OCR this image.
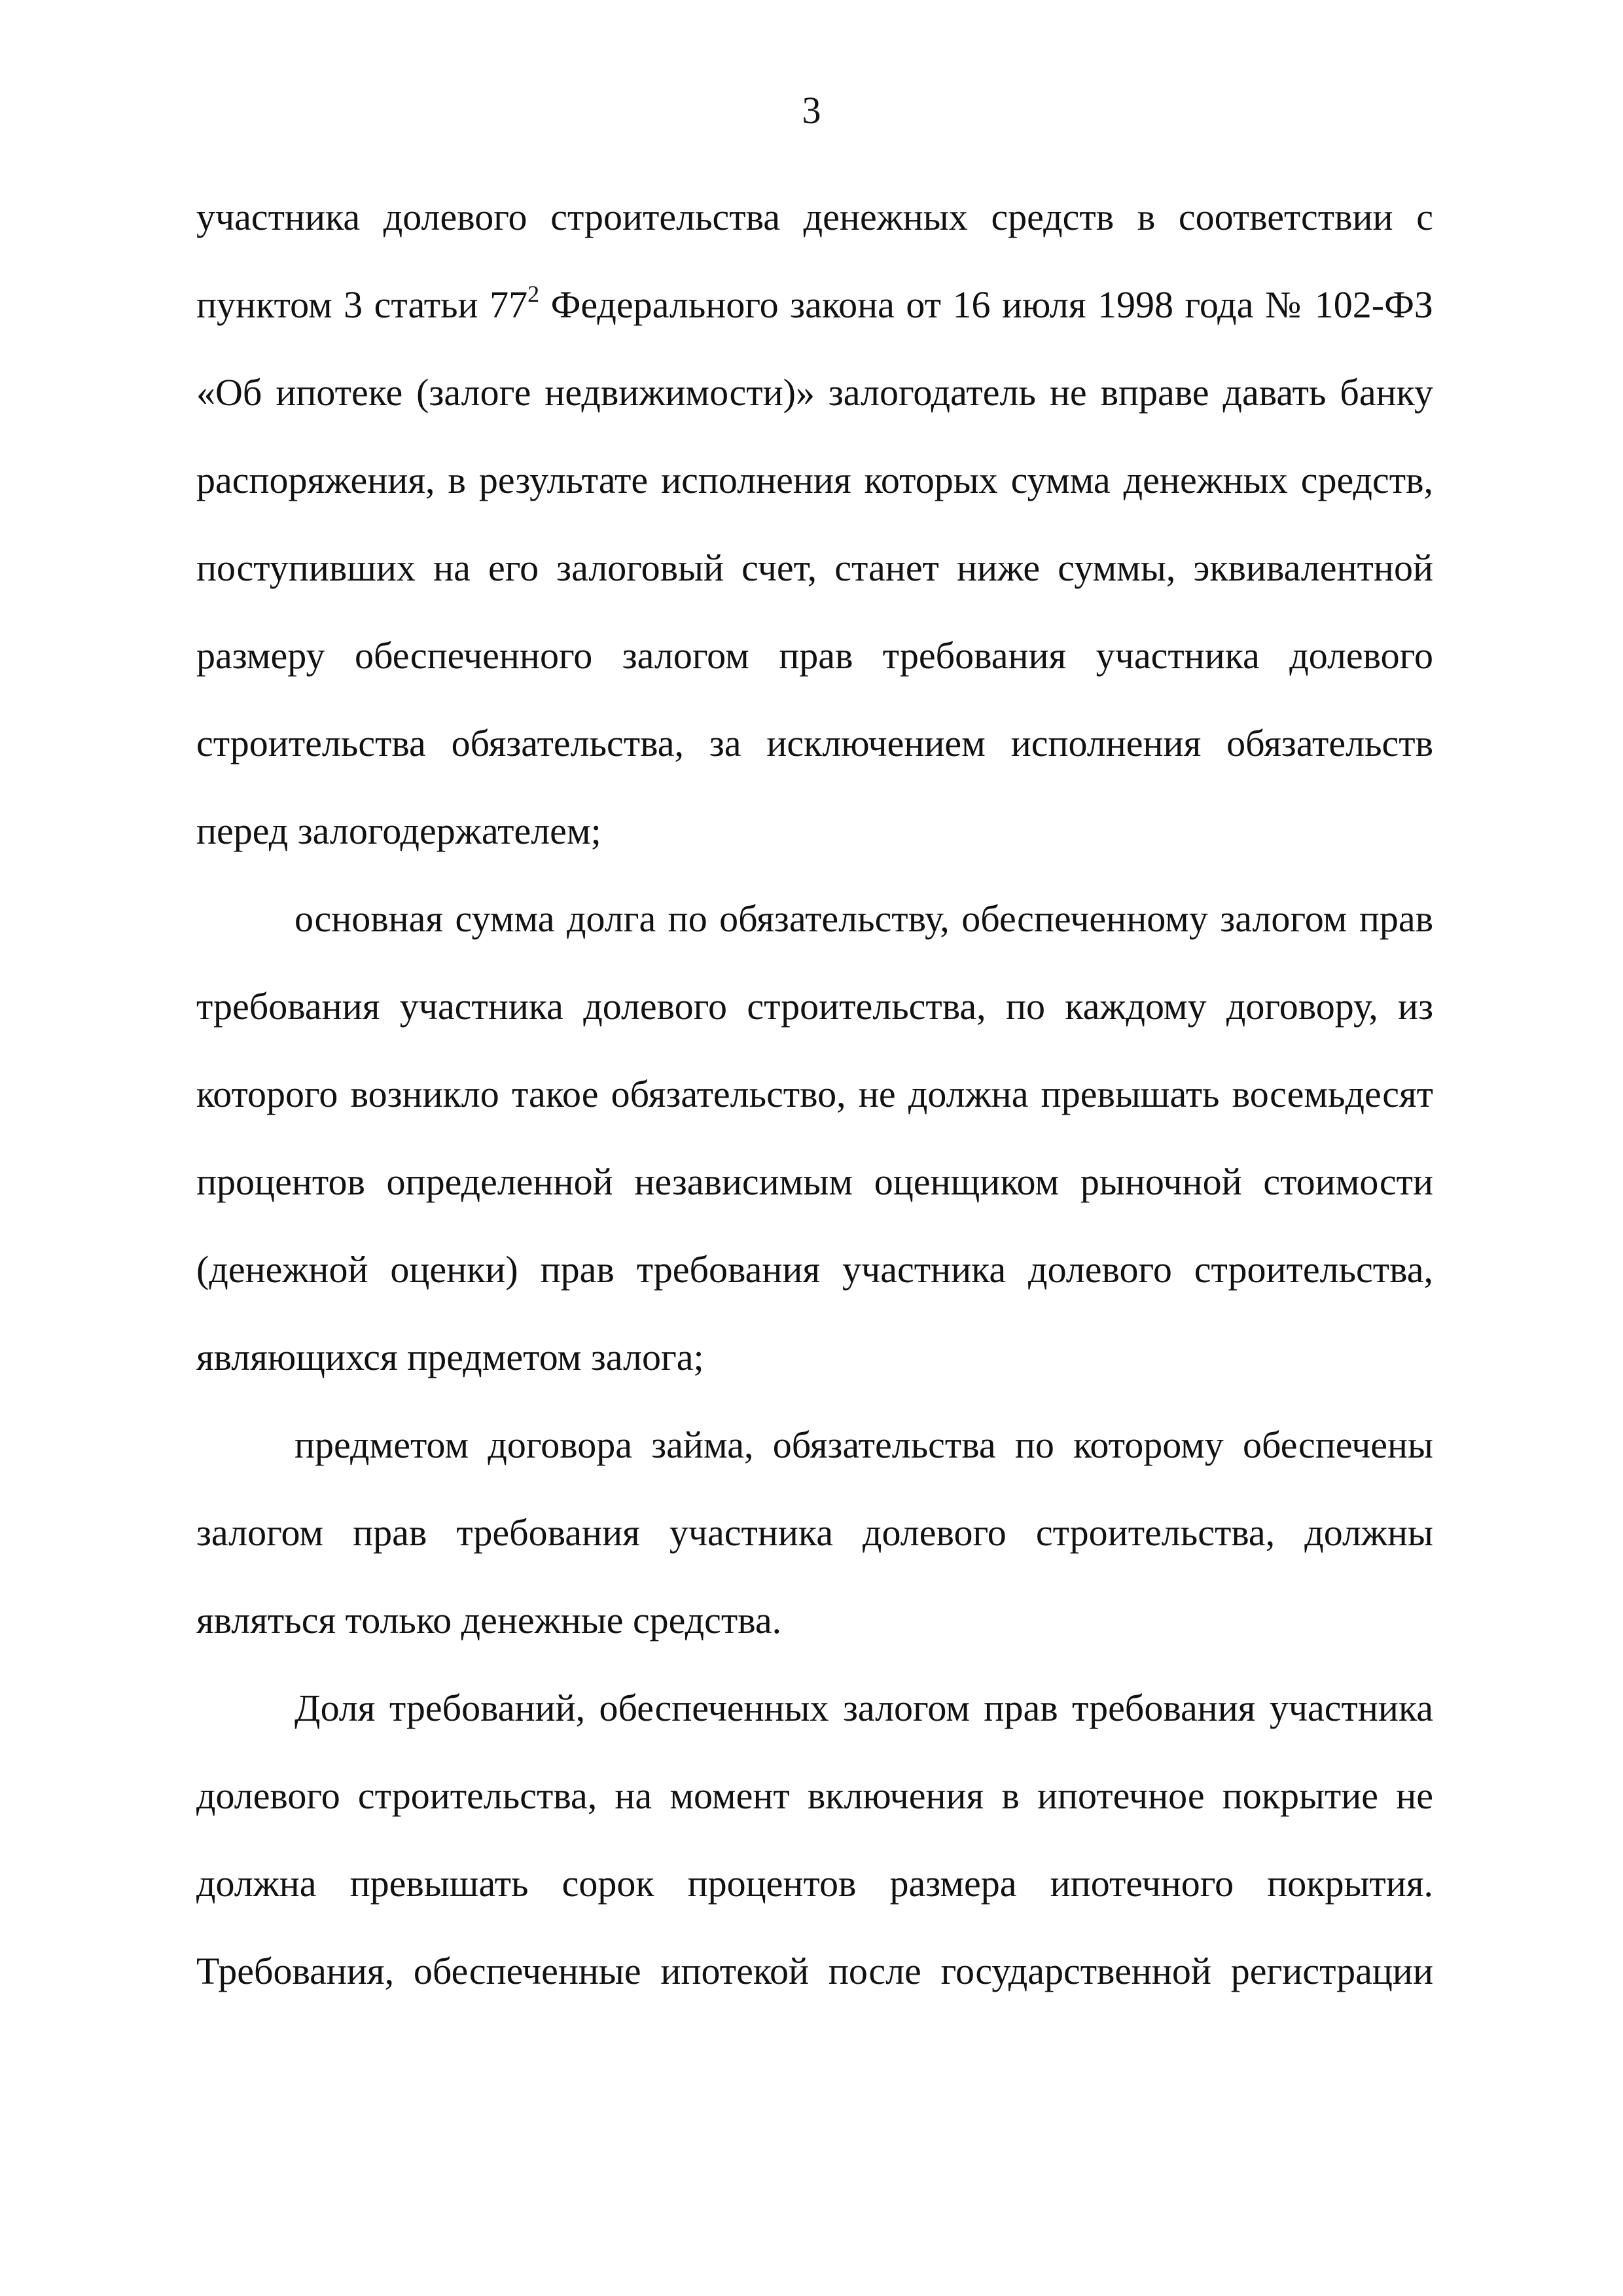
3
участника долевого строительства денежных средств в соответствии с
пунктом 3 статьи $77^2$ Федерального закона от 16 июля 1998 года № 102-ФЗ
«Об ипотеке (залоге недвижимости)» залогодатель не вправе давать банку
распоряжения, в результате исполнения которых сумма денежных средств,
поступивших на его залоговый счет, станет ниже суммы, эквивалентной
размеру обеспеченного залогом прав требования участника долевого
строительства обязательства, за исключением исполнения обязательств
перед залогодержателем;
основная сумма долга по обязательству, обеспеченному залогом прав
требования участника долевого строительства, по каждому договору, из
которого возникло такое обязательство, не должна превышать восемьдесят
процентов определенной независимым оценщиком рыночной стоимости
(денежной оценки) прав требования участника долевого строительства,
являющихся предметом залога;
предметом договора займа, обязательства по которому обеспечены
залогом прав требования участника долевого строительства, должны
являться только денежные средства.
Доля требований, обеспеченных залогом прав требования участника
долевого строительства, на момент включения в ипотечное покрытие не
должна превышать сорок процентов размера ипотечного покрытия.
Требования, обеспеченные ипотекой после государственной регистрации
